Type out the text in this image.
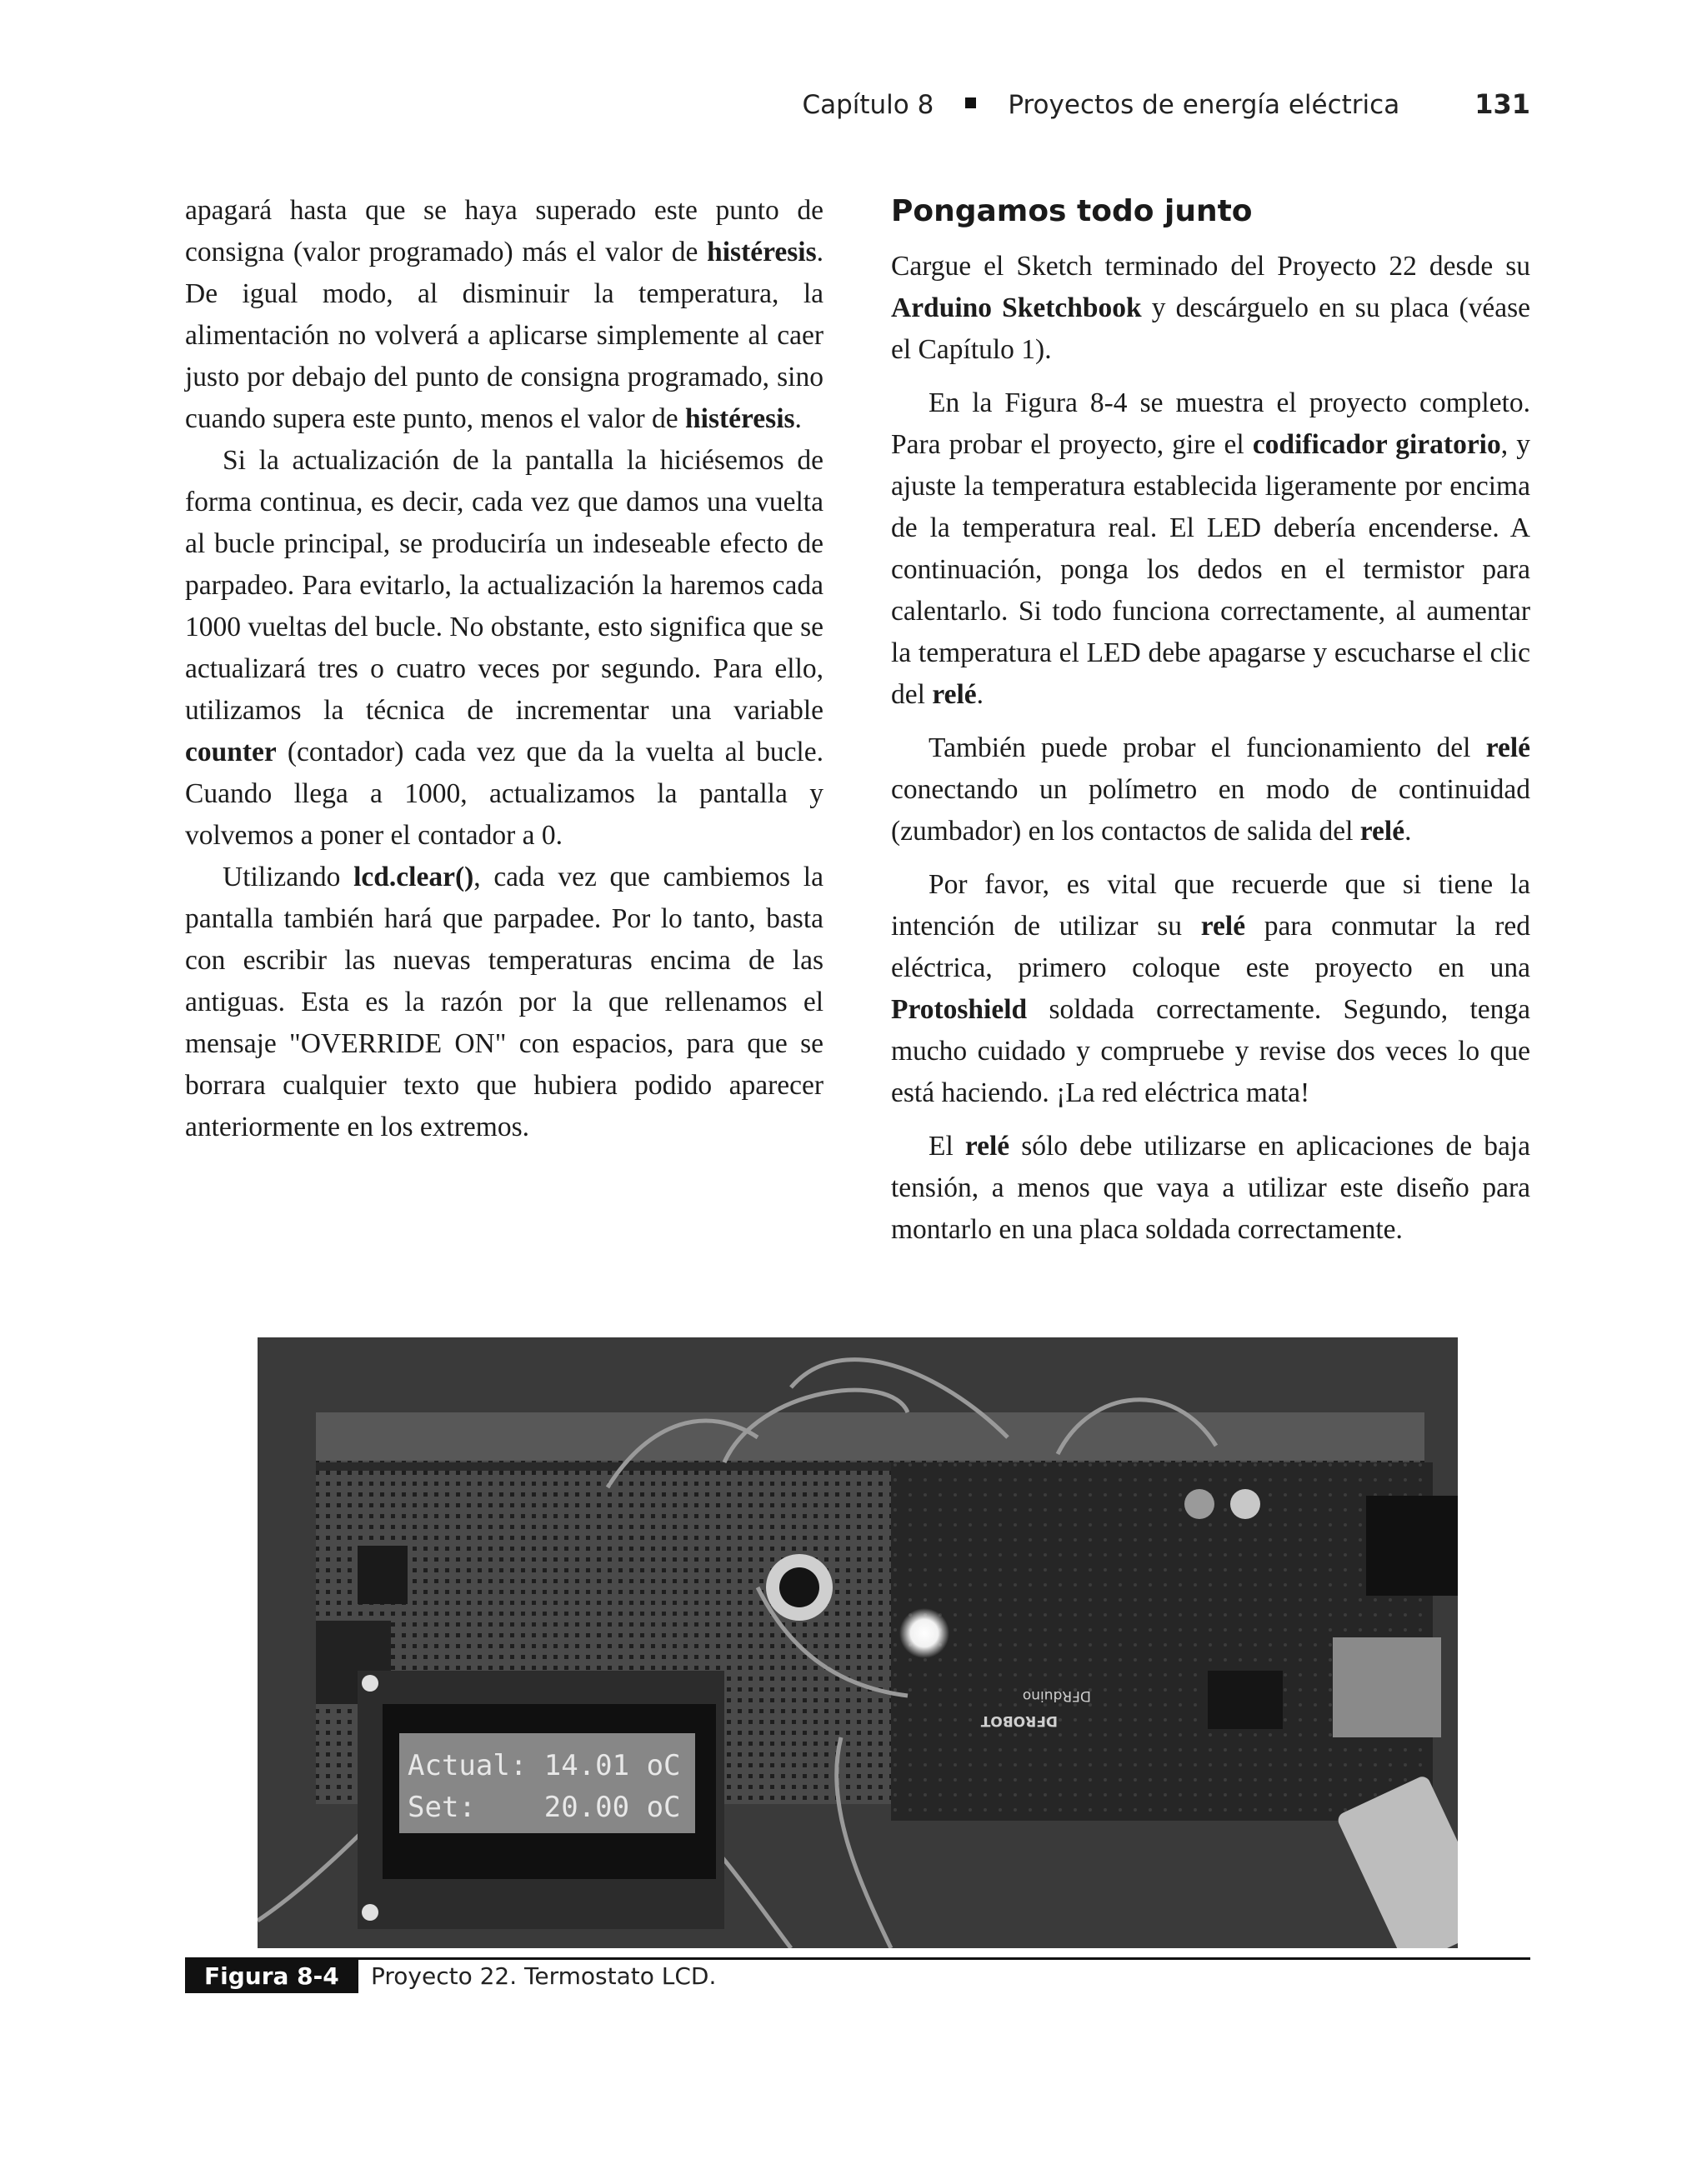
Capítulo 8	Proyectos de energía eléctrica	131

apagará hasta que se haya superado este punto de consigna (valor programado) más el valor de histéresis. De igual modo, al disminuir la temperatura, la alimentación no volverá a aplicarse simplemente al caer justo por debajo del punto de consigna programado, sino cuando supera este punto, menos el valor de histéresis.

Si la actualización de la pantalla la hiciésemos de forma continua, es decir, cada vez que damos una vuelta al bucle principal, se produciría un indeseable efecto de parpadeo. Para evitarlo, la actualización la haremos cada 1000 vueltas del bucle. No obstante, esto significa que se actualizará tres o cuatro veces por segundo. Para ello, utilizamos la técnica de incrementar una variable counter (contador) cada vez que da la vuelta al bucle. Cuando llega a 1000, actualizamos la pantalla y volvemos a poner el contador a 0.

Utilizando lcd.clear(), cada vez que cambiemos la pantalla también hará que parpadee. Por lo tanto, basta con escribir las nuevas temperaturas encima de las antiguas. Esta es la razón por la que rellenamos el mensaje "OVERRIDE ON" con espacios, para que se borrara cualquier texto que hubiera podido aparecer anteriormente en los extremos.

Pongamos todo junto

Cargue el Sketch terminado del Proyecto 22 desde su Arduino Sketchbook y descárguelo en su placa (véase el Capítulo 1).

En la Figura 8-4 se muestra el proyecto completo. Para probar el proyecto, gire el codificador giratorio, y ajuste la temperatura establecida ligeramente por encima de la temperatura real. El LED debería encenderse. A continuación, ponga los dedos en el termistor para calentarlo. Si todo funciona correctamente, al aumentar la temperatura el LED debe apagarse y escucharse el clic del relé.

También puede probar el funcionamiento del relé conectando un polímetro en modo de continuidad (zumbador) en los contactos de salida del relé.

Por favor, es vital que recuerde que si tiene la intención de utilizar su relé para conmutar la red eléctrica, primero coloque este proyecto en una Protoshield soldada correctamente. Segundo, tenga mucho cuidado y compruebe y revise dos veces lo que está haciendo. ¡La red eléctrica mata!

El relé sólo debe utilizarse en aplicaciones de baja tensión, a menos que vaya a utilizar este diseño para montarlo en una placa soldada correctamente.

DFROBOT
DFRduino
Actual: 14.01 oC
Set:    20.00 oC
Figura 8-4	Proyecto 22. Termostato LCD.
